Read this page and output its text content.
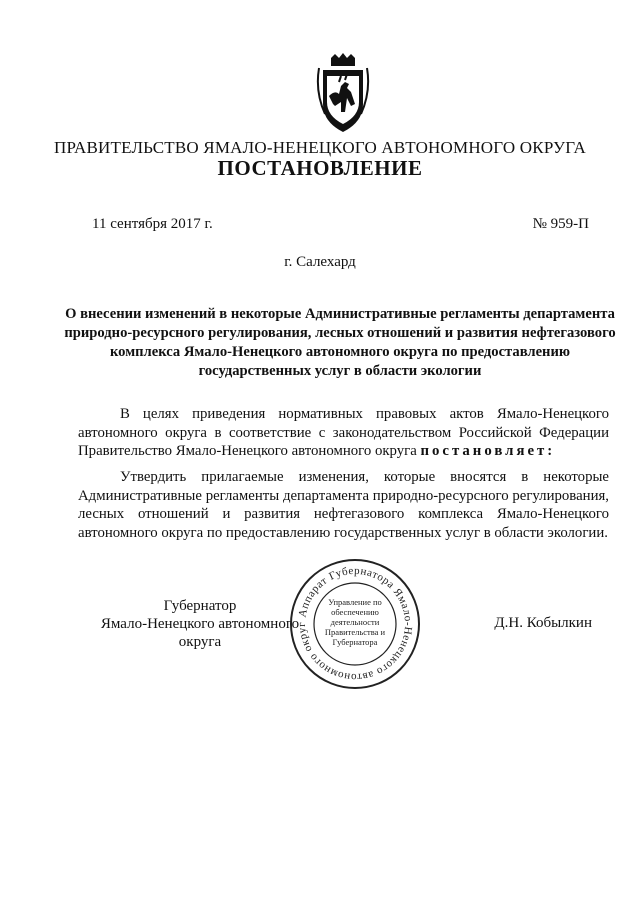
ПРАВИТЕЛЬСТВО ЯМАЛО-НЕНЕЦКОГО АВТОНОМНОГО ОКРУГА
ПОСТАНОВЛЕНИЕ
11 сентября 2017 г.	№ 959-П
г. Салехард
О внесении изменений в некоторые Административные регламенты департамента природно-ресурсного регулирования, лесных отношений и развития нефтегазового комплекса Ямало-Ненецкого автономного округа по предоставлению государственных услуг в области экологии
В целях приведения нормативных правовых актов Ямало-Ненецкого автономного округа в соответствие с законодательством Российской Федерации Правительство Ямало-Ненецкого автономного округа постановляет:
Утвердить прилагаемые изменения, которые вносятся в некоторые Административные регламенты департамента природно-ресурсного регулирования, лесных отношений и развития нефтегазового комплекса Ямало-Ненецкого автономного округа по предоставлению государственных услуг в области экологии.
Губернатор
Ямало-Ненецкого автономного округа
Д.Н. Кобылкин
Аппарат Губернатора Ямало-Ненецкого автономного округ
Управление по обеспечению деятельности Правительства и Губернатора
